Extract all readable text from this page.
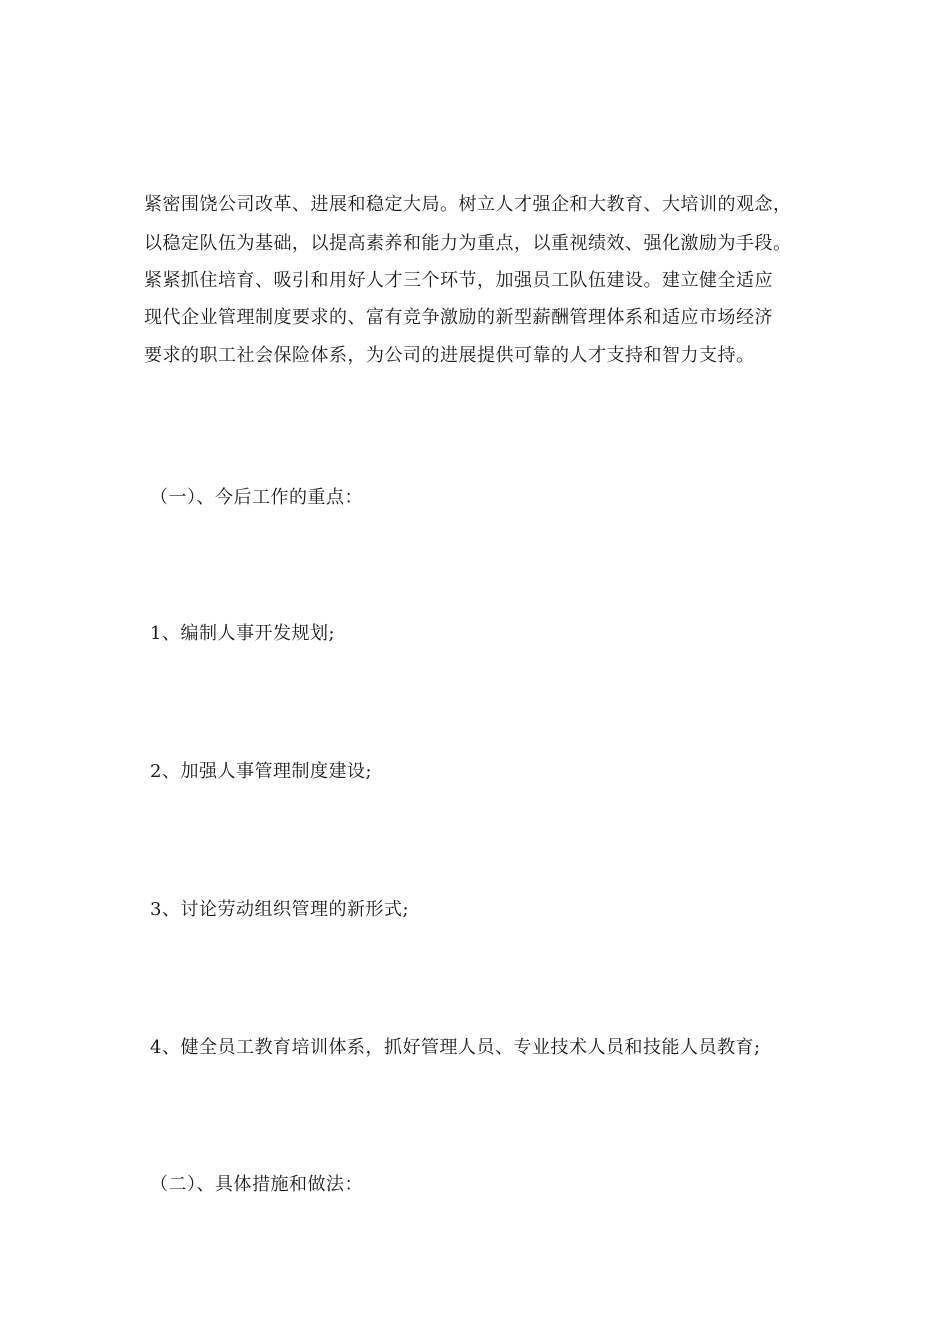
紧密围饶公司改革、进展和稳定大局。树立人才强企和大教育、大培训的观念，
以稳定队伍为基础，以提高素养和能力为重点，以重视绩效、强化激励为手段。
紧紧抓住培育、吸引和用好人才三个环节，加强员工队伍建设。建立健全适应
现代企业管理制度要求的、富有竞争激励的新型薪酬管理体系和适应市场经济
要求的职工社会保险体系，为公司的进展提供可靠的人才支持和智力支持。
（一）、今后工作的重点：
1、编制人事开发规划;
2、加强人事管理制度建设;
3、讨论劳动组织管理的新形式;
4、健全员工教育培训体系，抓好管理人员、专业技术人员和技能人员教育;
（二）、具体措施和做法：
